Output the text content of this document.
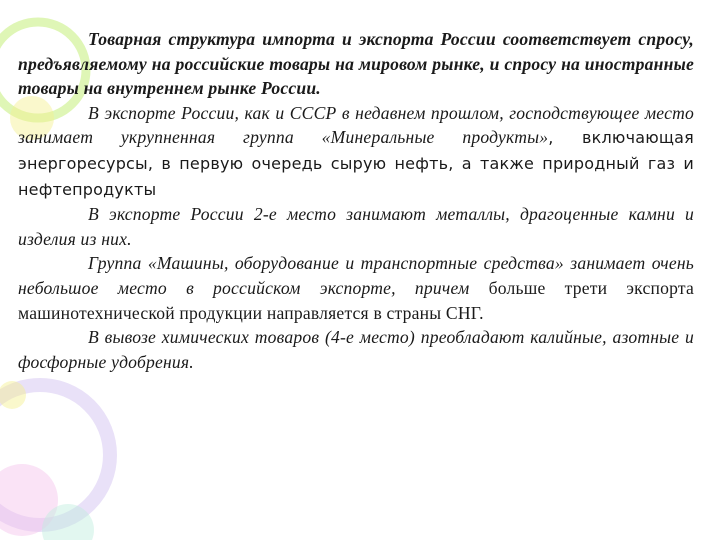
Товарная структура импорта и экспорта России соответствует спросу, предъявляемому на российские товары на мировом рынке, и спросу на иностранные товары на внутреннем рынке России.

В экспорте России, как и СССР в недавнем прошлом, господствующее место занимает укрупненная группа «Минеральные продукты», включающая энергоресурсы, в первую очередь сырую нефть, а также природный газ и нефтепродукты

В экспорте России 2-е место занимают металлы, драгоценные камни и изделия из них.

Группа «Машины, оборудование и транспортные средства» занимает очень небольшое место в российском экспорте, причем больше трети экспорта машинотехнической продукции направляется в страны СНГ.

В вывозе химических товаров (4-е место) преобладают калийные, азотные и фосфорные удобрения.
